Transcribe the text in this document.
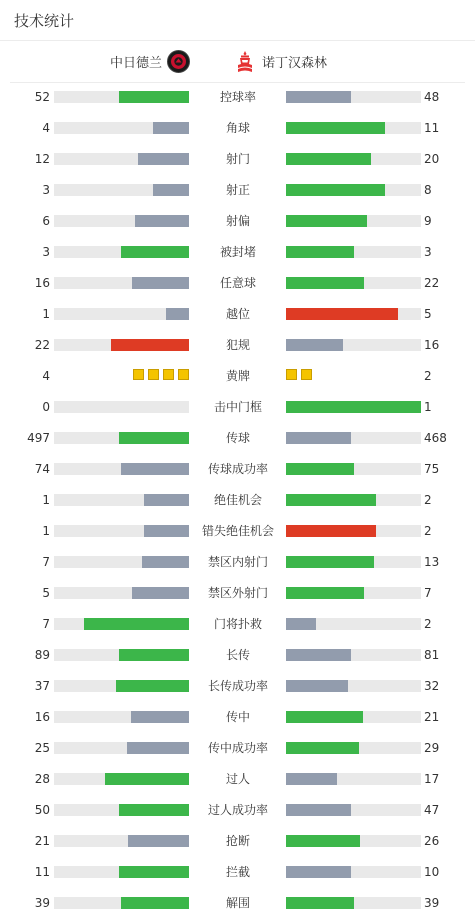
技术统计
中日德兰	诺丁汉森林
52	控球率	48
4	角球	11
12	射门	20
3	射正	8
6	射偏	9
3	被封堵	3
16	任意球	22
1	越位	5
22	犯规	16
4	黄牌	2
0	击中门框	1
497	传球	468
74	传球成功率	75
1	绝佳机会	2
1	错失绝佳机会	2
7	禁区内射门	13
5	禁区外射门	7
7	门将扑救	2
89	长传	81
37	长传成功率	32
16	传中	21
25	传中成功率	29
28	过人	17
50	过人成功率	47
21	抢断	26
11	拦截	10
39	解围	39
